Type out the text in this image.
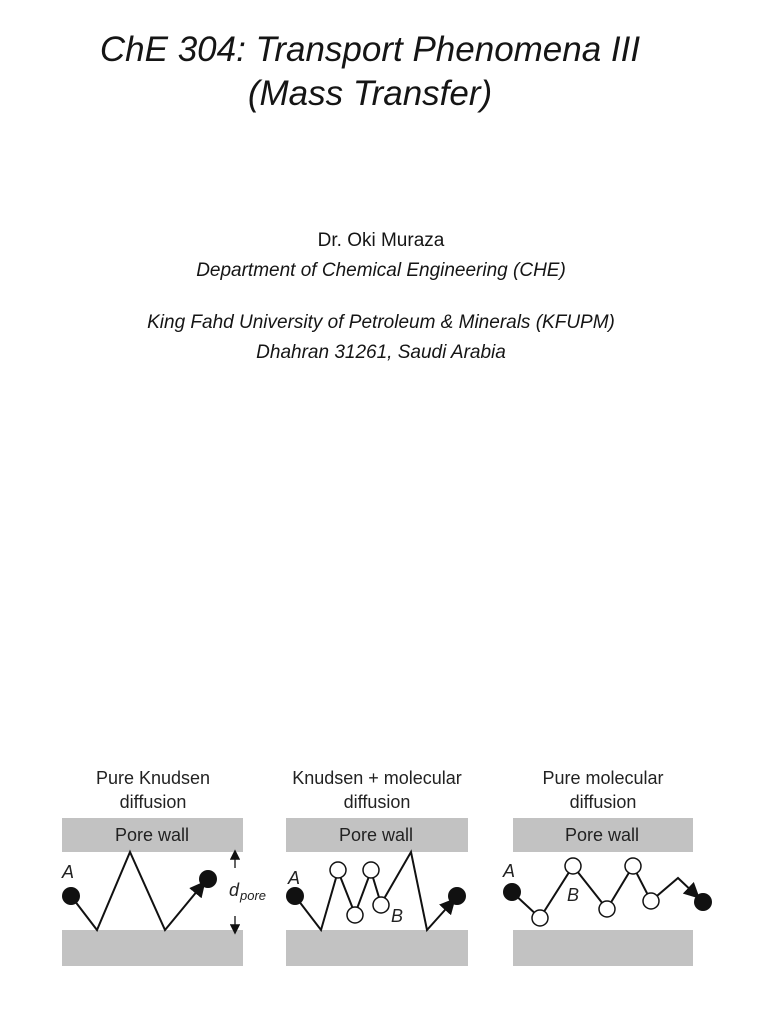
ChE 304: Transport Phenomena III
(Mass Transfer)
Dr. Oki Muraza
Department of Chemical Engineering (CHE)
King Fahd University of Petroleum & Minerals (KFUPM)
Dhahran 31261, Saudi Arabia
Pure Knudsen
diffusion
Pore wall
A
d pore
Knudsen + molecular
diffusion
Pore wall
A
B
Pure molecular
diffusion
Pore wall
A
B
